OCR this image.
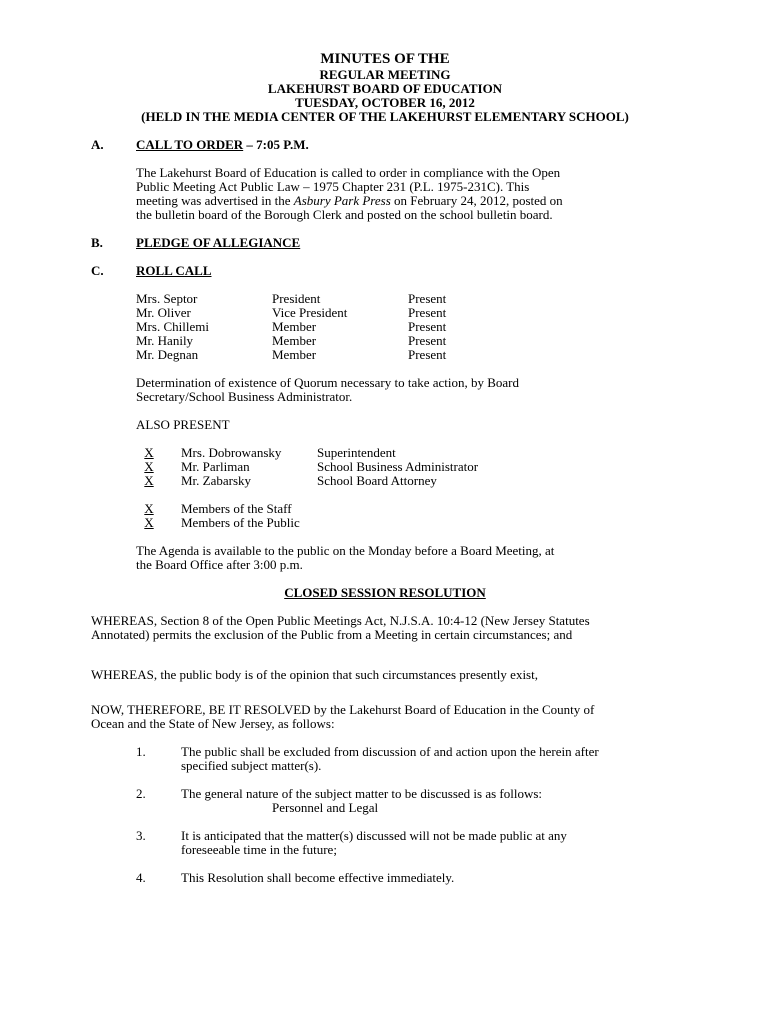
MINUTES OF THE
REGULAR MEETING
LAKEHURST BOARD OF EDUCATION
TUESDAY, OCTOBER 16, 2012
(HELD IN THE MEDIA CENTER OF THE LAKEHURST ELEMENTARY SCHOOL)
A. CALL TO ORDER – 7:05 P.M.
The Lakehurst Board of Education is called to order in compliance with the Open
Public Meeting Act Public Law – 1975 Chapter 231 (P.L. 1975-231C). This
meeting was advertised in the Asbury Park Press on February 24, 2012, posted on
the bulletin board of the Borough Clerk and posted on the school bulletin board.
B.	PLEDGE OF ALLEGIANCE
C. ROLL CALL
Mrs. Septor	President	Present
Mr. Oliver	Vice President	Present
Mrs. Chillemi	Member	Present
Mr. Hanily	Member	Present
Mr. Degnan	Member	Present
Determination of existence of Quorum necessary to take action, by Board
Secretary/School Business Administrator.
ALSO PRESENT
X	Mrs. Dobrowansky	Superintendent
X	Mr. Parliman	School Business Administrator
X	Mr. Zabarsky	School Board Attorney
X	Members of the Staff
X	Members of the Public
The Agenda is available to the public on the Monday before a Board Meeting, at
the Board Office after 3:00 p.m.
CLOSED SESSION RESOLUTION
WHEREAS, Section 8 of the Open Public Meetings Act, N.J.S.A. 10:4-12 (New Jersey Statutes
Annotated) permits the exclusion of the Public from a Meeting in certain circumstances; and
WHEREAS, the public body is of the opinion that such circumstances presently exist,
NOW, THEREFORE, BE IT RESOLVED by the Lakehurst Board of Education in the County of
Ocean and the State of New Jersey, as follows:
1.	The public shall be excluded from discussion of and action upon the herein after
specified subject matter(s).
2.	The general nature of the subject matter to be discussed is as follows:
Personnel and Legal
3.	It is anticipated that the matter(s) discussed will not be made public at any
foreseeable time in the future;
4.	This Resolution shall become effective immediately.
